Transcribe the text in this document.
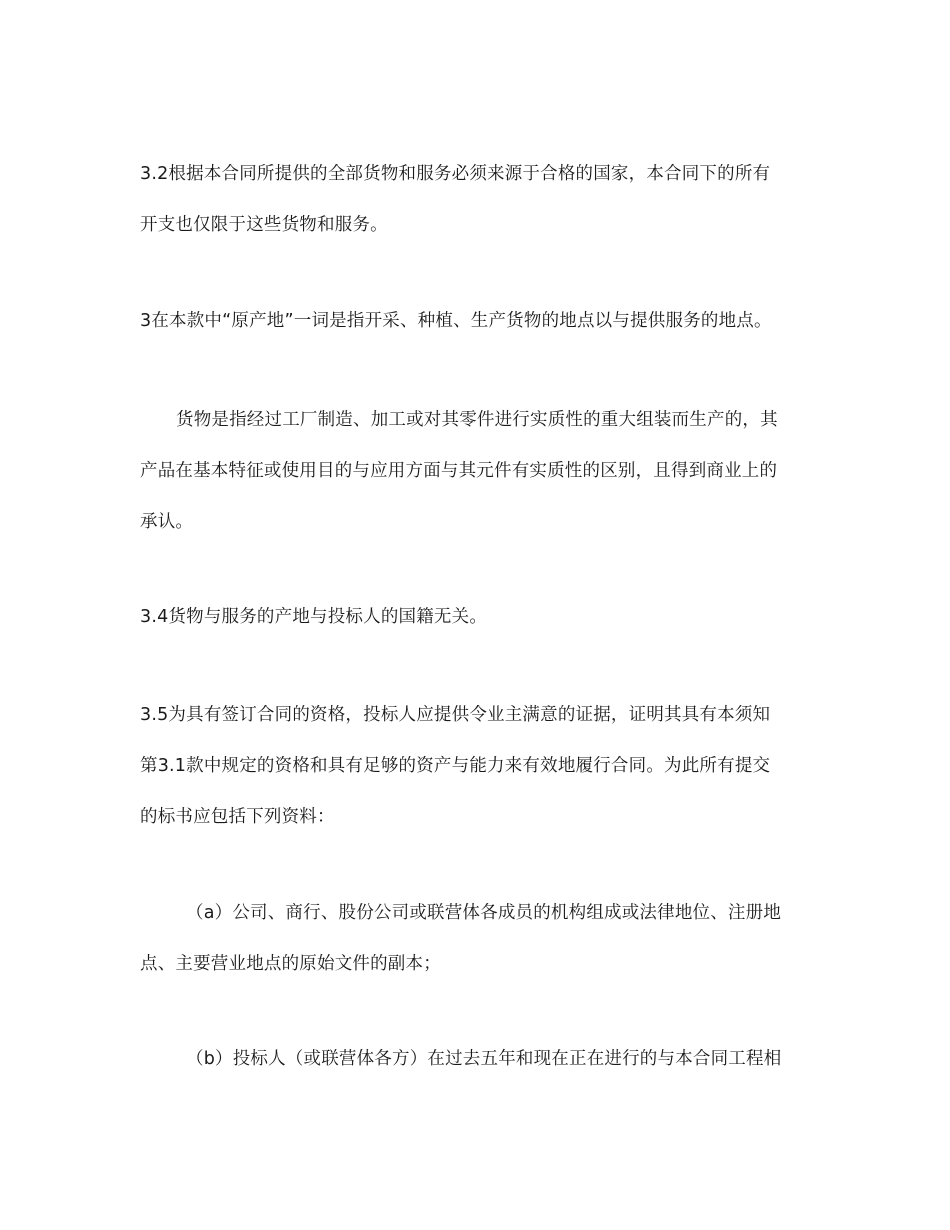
3.2根据本合同所提供的全部货物和服务必须来源于合格的国家，本合同下的所有
开支也仅限于这些货物和服务。

3在本款中“原产地”一词是指开采、种植、生产货物的地点以与提供服务的地点。

货物是指经过工厂制造、加工或对其零件进行实质性的重大组装而生产的，其
产品在基本特征或使用目的与应用方面与其元件有实质性的区别，且得到商业上的
承认。

3.4货物与服务的产地与投标人的国籍无关。

3.5为具有签订合同的资格，投标人应提供令业主满意的证据，证明其具有本须知
第3.1款中规定的资格和具有足够的资产与能力来有效地履行合同。为此所有提交
的标书应包括下列资料：

（a）公司、商行、股份公司或联营体各成员的机构组成或法律地位、注册地
点、主要营业地点的原始文件的副本；

（b）投标人（或联营体各方）在过去五年和现在正在进行的与本合同工程相
